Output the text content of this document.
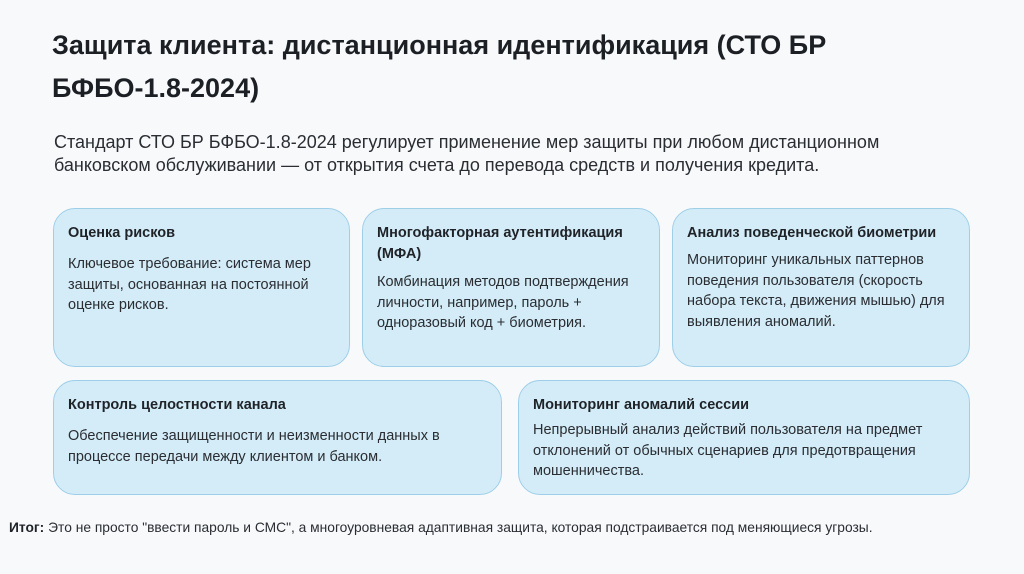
Защита клиента: дистанционная идентификация (СТО БР БФБО-1.8-2024)

Стандарт СТО БР БФБО-1.8-2024 регулирует применение мер защиты при любом дистанционном банковском обслуживании — от открытия счета до перевода средств и получения кредита.

Оценка рисков

Ключевое требование: система мер защиты, основанная на постоянной оценке рисков.

Многофакторная аутентификация (МФА)

Комбинация методов подтверждения личности, например, пароль + одноразовый код + биометрия.

Анализ поведенческой биометрии

Мониторинг уникальных паттернов поведения пользователя (скорость набора текста, движения мышью) для выявления аномалий.

Контроль целостности канала

Обеспечение защищенности и неизменности данных в процессе передачи между клиентом и банком.

Мониторинг аномалий сессии

Непрерывный анализ действий пользователя на предмет отклонений от обычных сценариев для предотвращения мошенничества.

Итог: Это не просто "ввести пароль и СМС", а многоуровневая адаптивная защита, которая подстраивается под меняющиеся угрозы.
